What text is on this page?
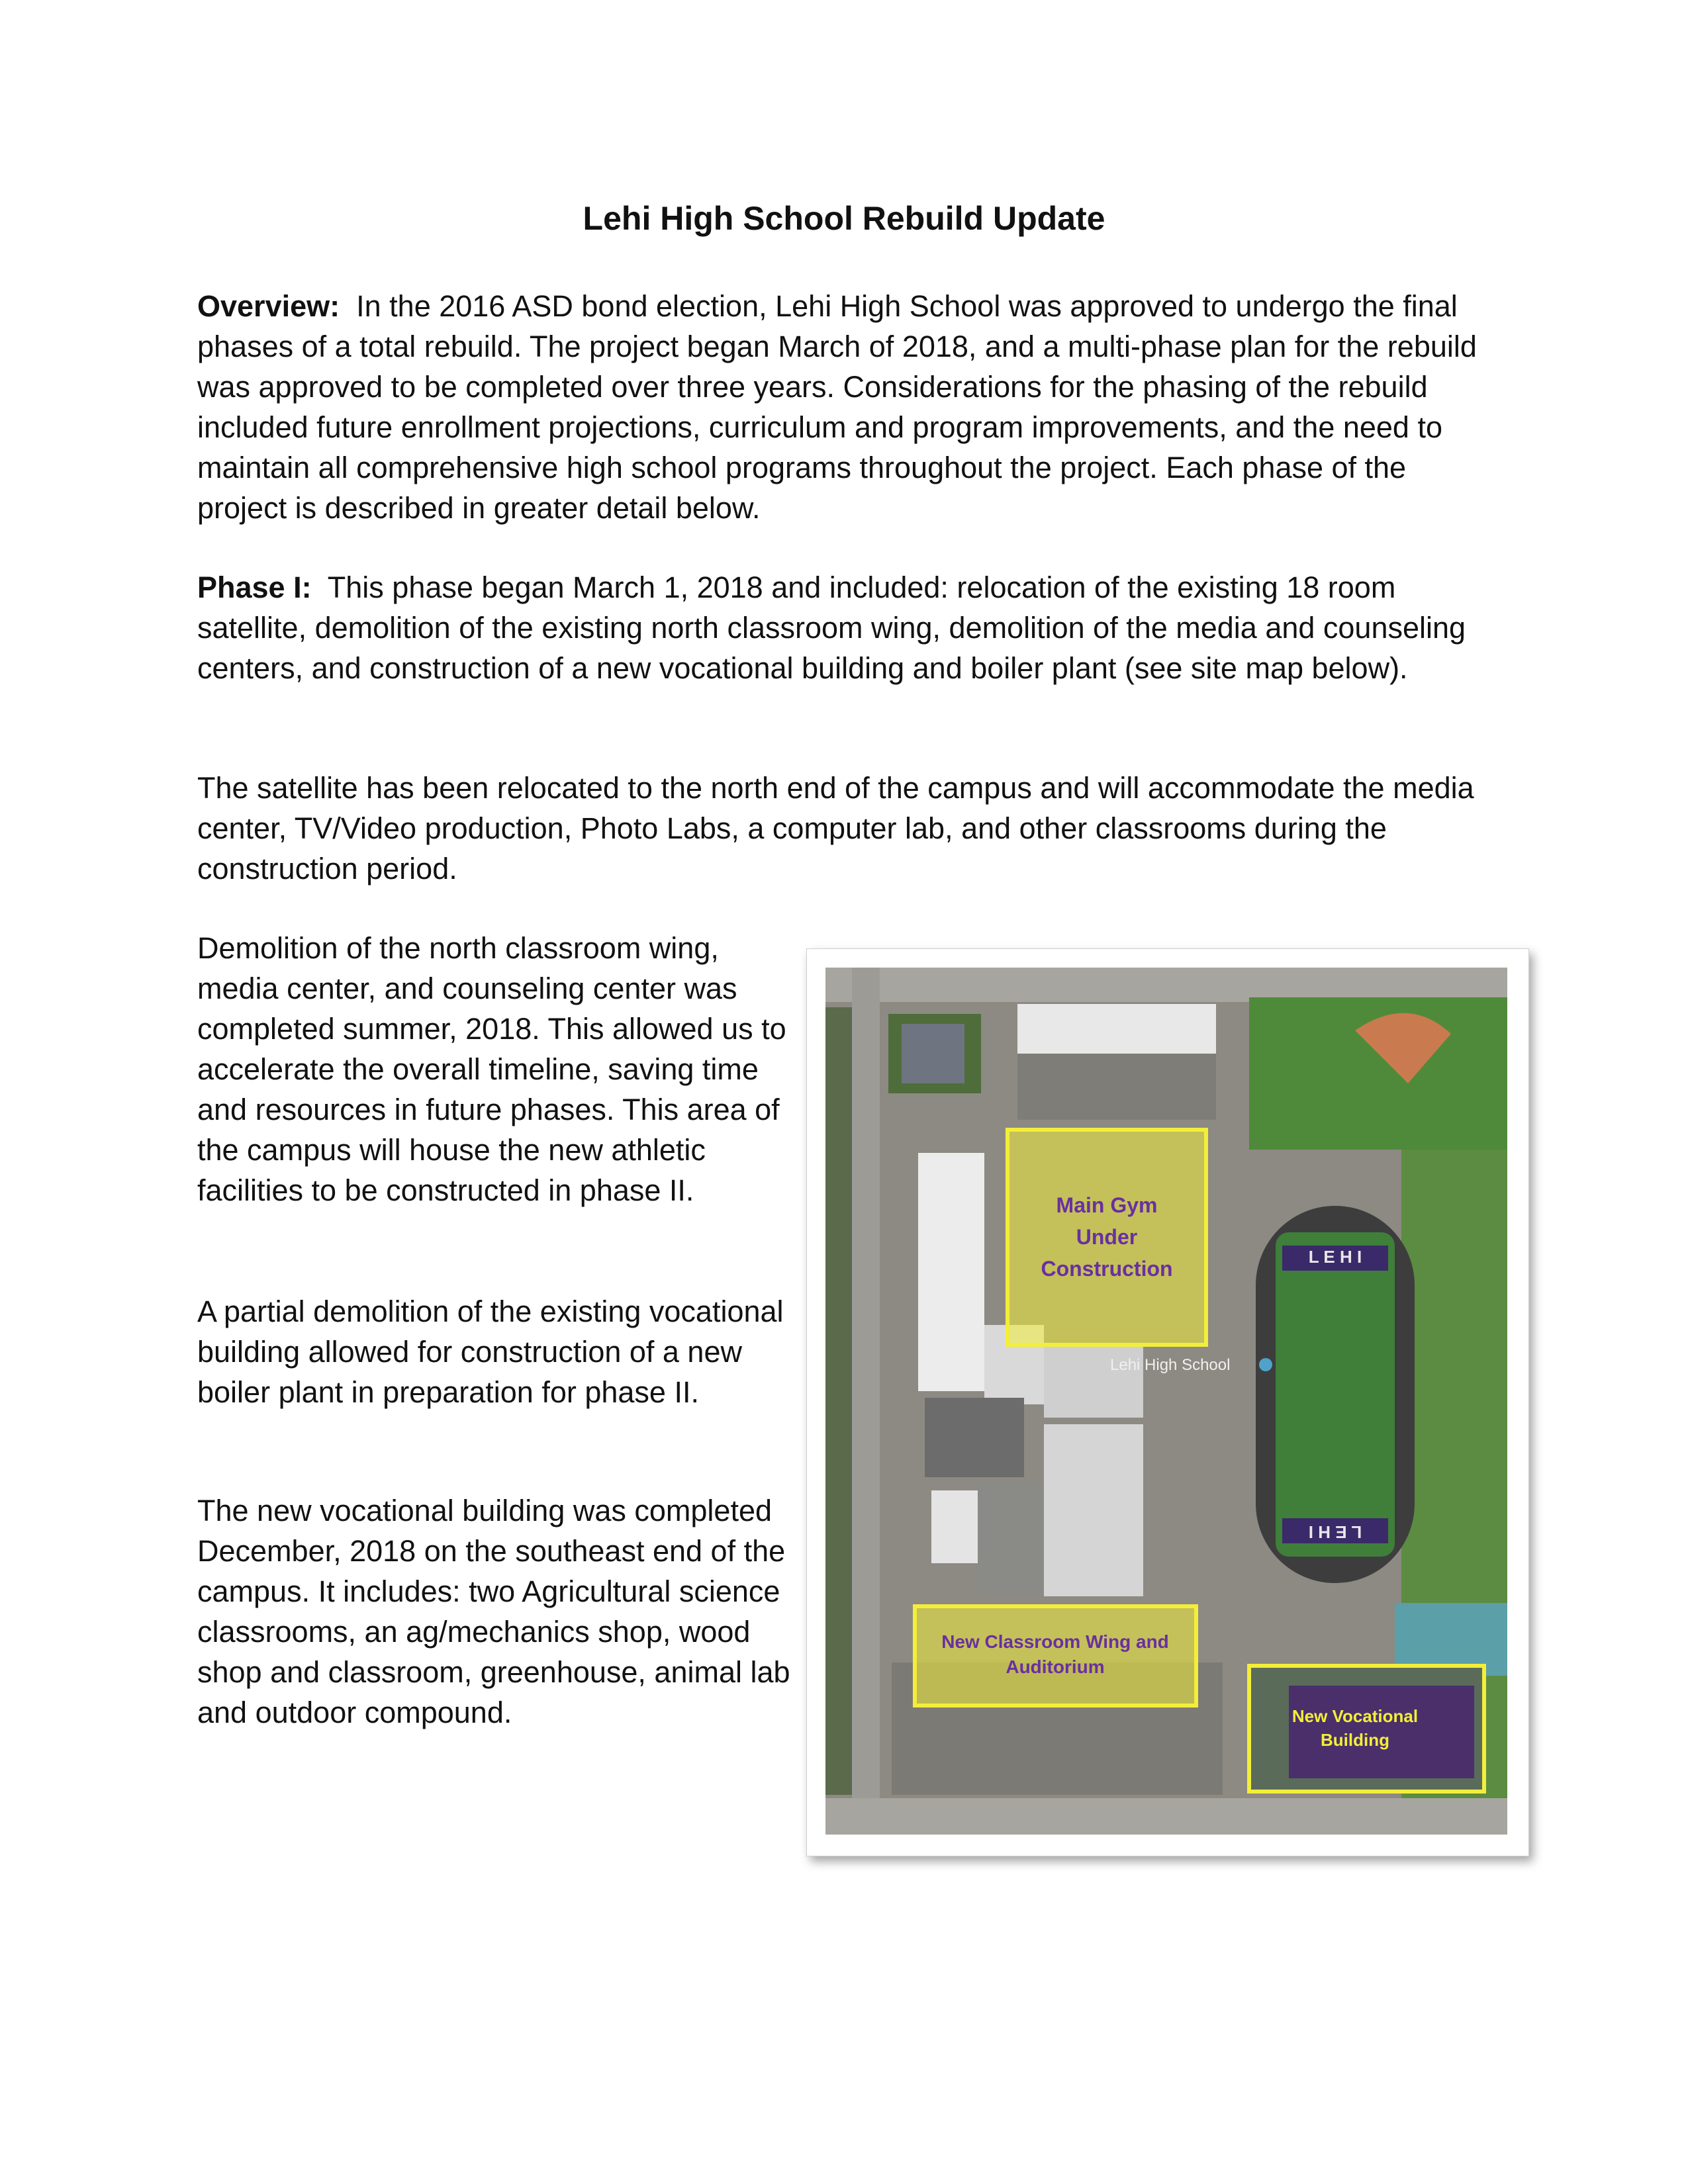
Lehi High School Rebuild Update

Overview: In the 2016 ASD bond election, Lehi High School was approved to undergo the final phases of a total rebuild. The project began March of 2018, and a multi-phase plan for the rebuild was approved to be completed over three years. Considerations for the phasing of the rebuild included future enrollment projections, curriculum and program improvements, and the need to maintain all comprehensive high school programs throughout the project. Each phase of the project is described in greater detail below.

Phase I: This phase began March 1, 2018 and included: relocation of the existing 18 room satellite, demolition of the existing north classroom wing, demolition of the media and counseling centers, and construction of a new vocational building and boiler plant (see site map below).

The satellite has been relocated to the north end of the campus and will accommodate the media center, TV/Video production, Photo Labs, a computer lab, and other classrooms during the construction period.

Demolition of the north classroom wing, media center, and counseling center was completed summer, 2018. This allowed us to accelerate the overall timeline, saving time and resources in future phases. This area of the campus will house the new athletic facilities to be constructed in phase II.

A partial demolition of the existing vocational building allowed for construction of a new boiler plant in preparation for phase II.

The new vocational building was completed December, 2018 on the southeast end of the campus. It includes: two Agricultural science classrooms, an ag/mechanics shop, wood shop and classroom, greenhouse, animal lab and outdoor compound.

L E H I
L E H I
Lehi High School
Main Gym
Under
Construction
New Classroom Wing and
Auditorium
New Vocational
Building
